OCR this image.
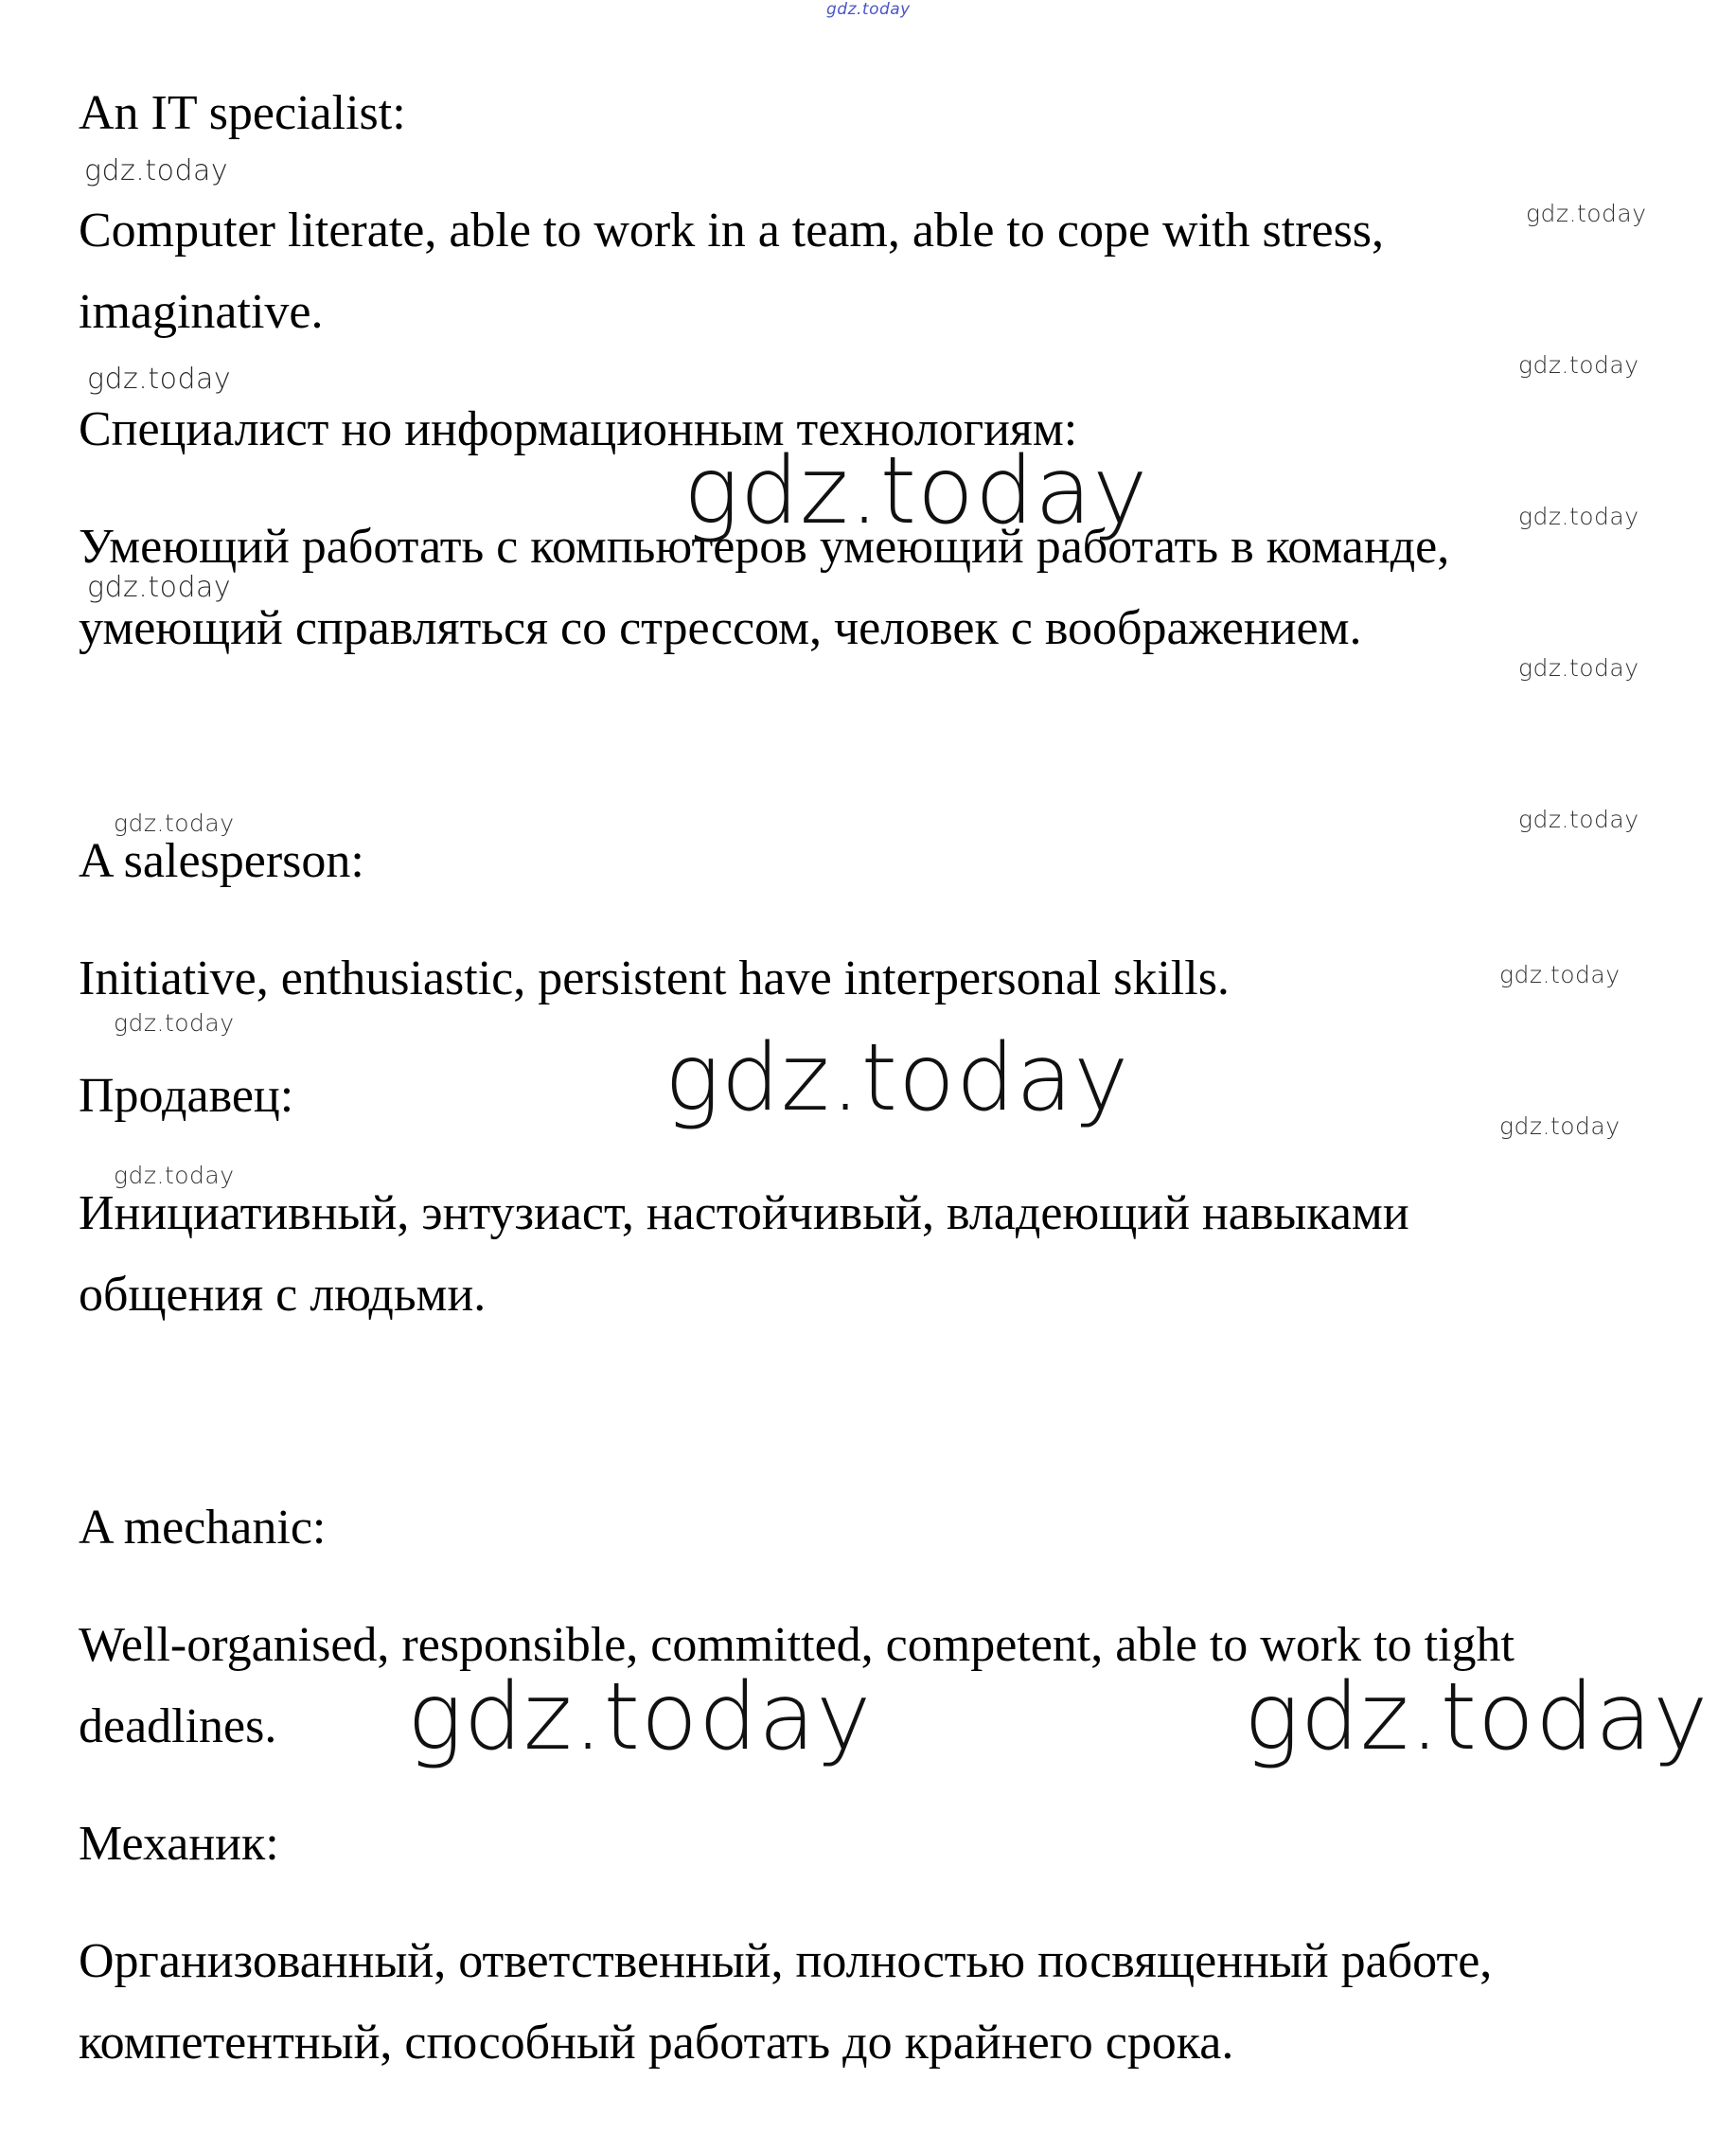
gdz.today

An IT specialist:

Computer literate, able to work in a team, able to cope with stress,

imaginative.

Специалист но информационным технологиям:

Умеющий работать с компьютеров умеющий работать в команде,

умеющий справляться со стрессом, человек с воображением.

A salesperson:

Initiative, enthusiastic, persistent have interpersonal skills.

Продавец:

Инициативный, энтузиаст, настойчивый, владеющий навыками

общения с людьми.

A mechanic:

Well-organised, responsible, committed, competent, able to work to tight

deadlines.

Механик:

Организованный, ответственный, полностью посвященный работе,

компетентный, способный работать до крайнего срока.

gdz.today
gdz.today
gdz.today
gdz.today
gdz.today
gdz.today
gdz.today
gdz.today
gdz.today
gdz.today
gdz.today
gdz.today
gdz.today
gdz.today
gdz.today
gdz.today	gdz.today
